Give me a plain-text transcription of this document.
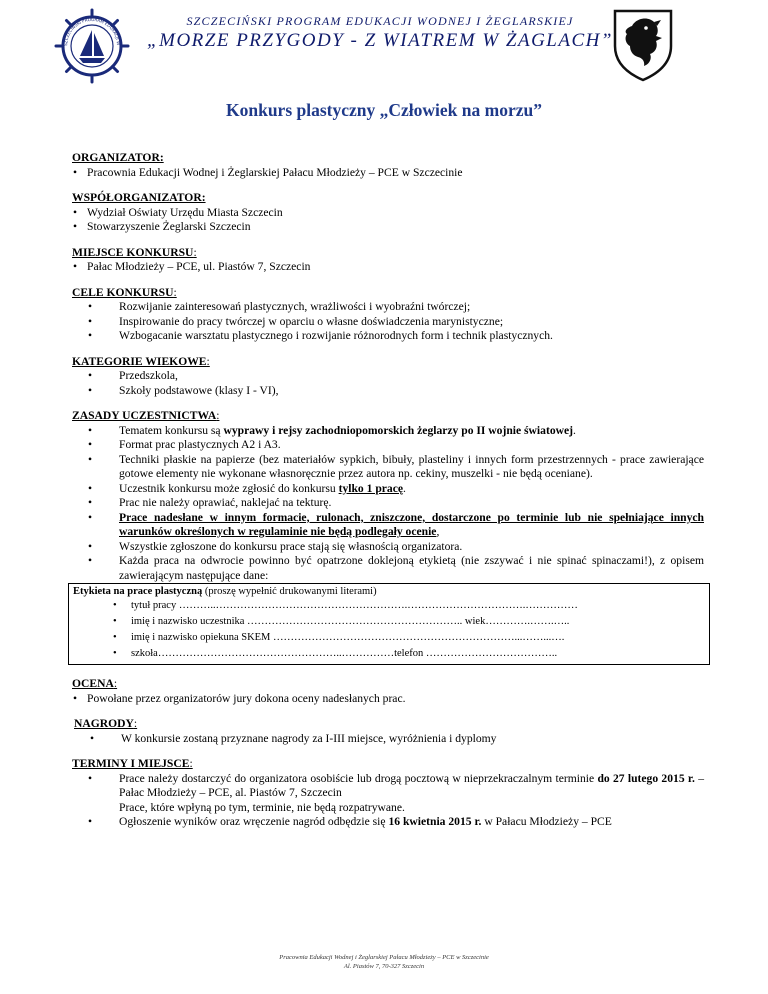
SZCZECIŃSKI PROGRAM EDUKACJI W
SZCZECIŃSKI PROGRAM EDUKACJI WODNEJ I ŻEGLARSKIEJ
„MORZE PRZYGODY - Z WIATREM W ŻAGLACH”
Konkurs plastyczny „Człowiek na morzu”
ORGANIZATOR:
• Pracownia Edukacji Wodnej i Żeglarskiej Pałacu Młodzieży – PCE w Szczecinie
WSPÓŁORGANIZATOR:
• Wydział Oświaty Urzędu Miasta Szczecin
• Stowarzyszenie Żeglarski Szczecin
MIEJSCE KONKURSU:
• Pałac Młodzieży – PCE, ul. Piastów 7, Szczecin
CELE KONKURSU:
• Rozwijanie zainteresowań plastycznych, wrażliwości i wyobraźni twórczej;
• Inspirowanie do pracy twórczej w oparciu o własne doświadczenia marynistyczne;
• Wzbogacanie warsztatu plastycznego i rozwijanie różnorodnych form i technik plastycznych.
KATEGORIE WIEKOWE:
• Przedszkola,
• Szkoły podstawowe (klasy I - VI),
ZASADY UCZESTNICTWA:
• Tematem konkursu są wyprawy i rejsy zachodniopomorskich żeglarzy po II wojnie światowej.
• Format prac plastycznych A2 i A3.
• Techniki płaskie na papierze (bez materiałów sypkich, bibuły, plasteliny i innych form przestrzennych - prace zawierające gotowe elementy nie wykonane własnoręcznie przez autora np. cekiny, muszelki - nie będą oceniane).
• Uczestnik konkursu może zgłosić do konkursu tylko 1 pracę.
• Prac nie należy oprawiać, naklejać na tekturę.
• Prace nadesłane w innym formacie, rulonach, zniszczone, dostarczone po terminie lub nie spełniające innych warunków określonych w regulaminie nie będą podlegały ocenie,
• Wszystkie zgłoszone do konkursu prace stają się własnością organizatora.
• Każda praca na odwrocie powinno być opatrzone doklejoną etykietą (nie zszywać i nie spinać spinaczami!), z opisem zawierającym następujące dane:
Etykieta na prace plastyczną (proszę wypełnić drukowanymi literami)
• tytuł pracy ………..……………………………………………….…………………………….……………
• imię i nazwisko uczestnika …………………………………………………….. wiek………….…….…..
• imię i nazwisko opiekuna SKEM ……………………………………………………………...……...….
• szkoła……………………………………………..……………telefon ………………………………..
OCENA:
• Powołane przez organizatorów jury dokona oceny nadesłanych prac.
NAGRODY:
• W konkursie zostaną przyznane nagrody za I-III miejsce, wyróżnienia i dyplomy
TERMINY I MIEJSCE:
• Prace należy dostarczyć do organizatora osobiście lub drogą pocztową w nieprzekraczalnym terminie do 27 lutego 2015 r. – Pałac Młodzieży – PCE, al. Piastów 7, Szczecin
Prace, które wpłyną po tym, terminie, nie będą rozpatrywane.
• Ogłoszenie wyników oraz wręczenie nagród odbędzie się 16 kwietnia 2015 r. w Pałacu Młodzieży – PCE
Pracownia Edukacji Wodnej i Żeglarskiej Pałacu Młodzieży – PCE w Szczecinie
Al. Piastów 7, 70-327 Szczecin
